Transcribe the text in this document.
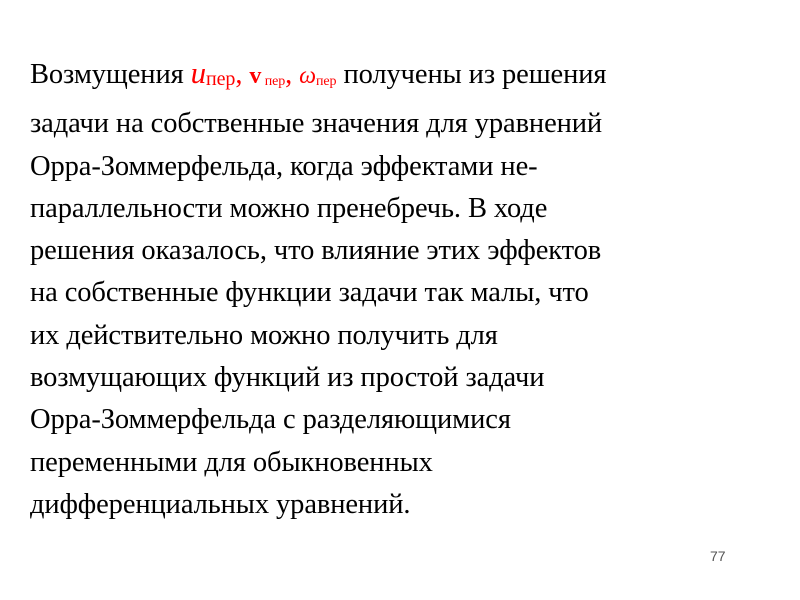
Возмущения uпер, v пер, ωпер получены из решения
задачи на собственные значения для уравнений
Орра-Зоммерфельда, когда эффектами не-
параллельности можно пренебречь. В ходе
решения оказалось, что влияние этих эффектов
на собственные функции задачи так малы, что
их действительно можно получить для
возмущающих функций из простой задачи
Орра-Зоммерфельда с разделяющимися
переменными для обыкновенных
дифференциальных уравнений.
77
